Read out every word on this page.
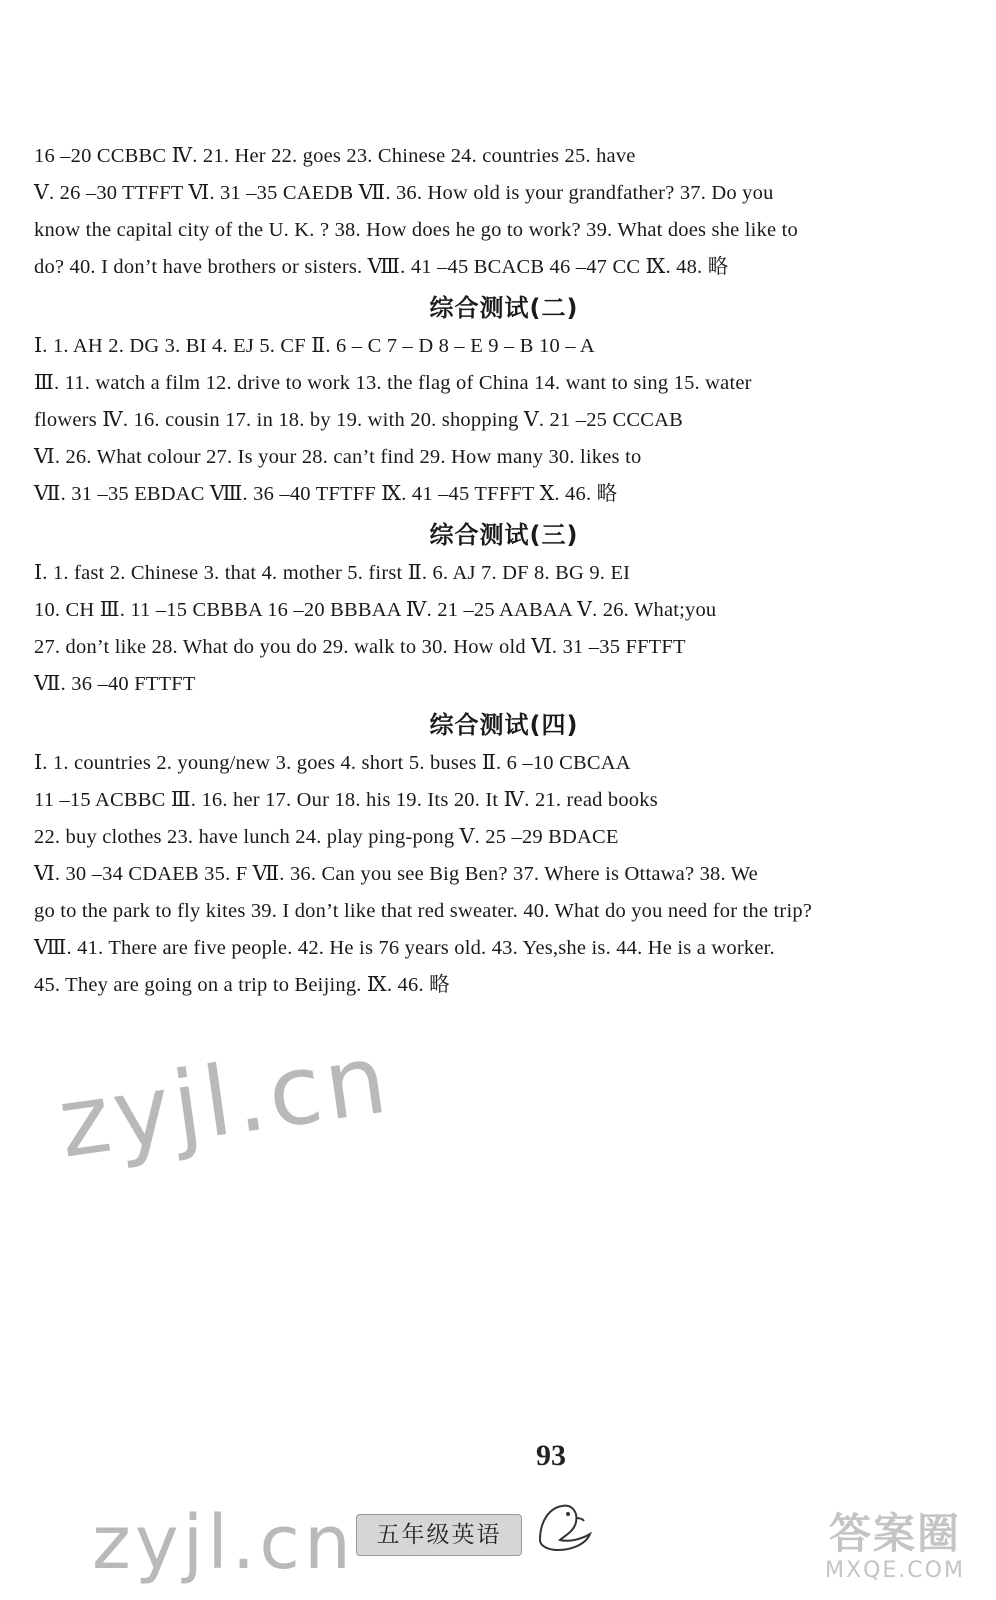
16 –20 CCBBC Ⅳ. 21. Her 22. goes 23. Chinese 24. countries 25. have
Ⅴ. 26 –30 TTFFT Ⅵ. 31 –35 CAEDB Ⅶ. 36. How old is your grandfather? 37. Do you
know the capital city of the U. K. ? 38. How does he go to work? 39. What does she like to
do? 40. I don’t have brothers or sisters. Ⅷ. 41 –45 BCACB 46 –47 CC Ⅸ. 48. 略
综合测试(二)
Ⅰ. 1. AH 2. DG 3. BI 4. EJ 5. CF Ⅱ. 6 – C 7 – D 8 – E 9 – B 10 – A
Ⅲ. 11. watch a film 12. drive to work 13. the flag of China 14. want to sing 15. water
flowers Ⅳ. 16. cousin 17. in 18. by 19. with 20. shopping Ⅴ. 21 –25 CCCAB
Ⅵ. 26. What colour 27. Is your 28. can’t find 29. How many 30. likes to
Ⅶ. 31 –35 EBDAC Ⅷ. 36 –40 TFTFF Ⅸ. 41 –45 TFFFT Ⅹ. 46. 略
综合测试(三)
Ⅰ. 1. fast 2. Chinese 3. that 4. mother 5. first Ⅱ. 6. AJ 7. DF 8. BG 9. EI
10. CH Ⅲ. 11 –15 CBBBA 16 –20 BBBAA Ⅳ. 21 –25 AABAA Ⅴ. 26. What;you
27. don’t like 28. What do you do 29. walk to 30. How old Ⅵ. 31 –35 FFTFT
Ⅶ. 36 –40 FTTFT
综合测试(四)
Ⅰ. 1. countries 2. young/new 3. goes 4. short 5. buses Ⅱ. 6 –10 CBCAA
11 –15 ACBBC Ⅲ. 16. her 17. Our 18. his 19. Its 20. It Ⅳ. 21. read books
22. buy clothes 23. have lunch 24. play ping-pong Ⅴ. 25 –29 BDACE
Ⅵ. 30 –34 CDAEB 35. F Ⅶ. 36. Can you see Big Ben? 37. Where is Ottawa? 38. We
go to the park to fly kites 39. I don’t like that red sweater. 40. What do you need for the trip?
Ⅷ. 41. There are five people. 42. He is 76 years old. 43. Yes,she is. 44. He is a worker.
45. They are going on a trip to Beijing. Ⅸ. 46. 略
zyjl.cn
zyjl.cn
93
五年级英语	答案圈
MXQE.COM
